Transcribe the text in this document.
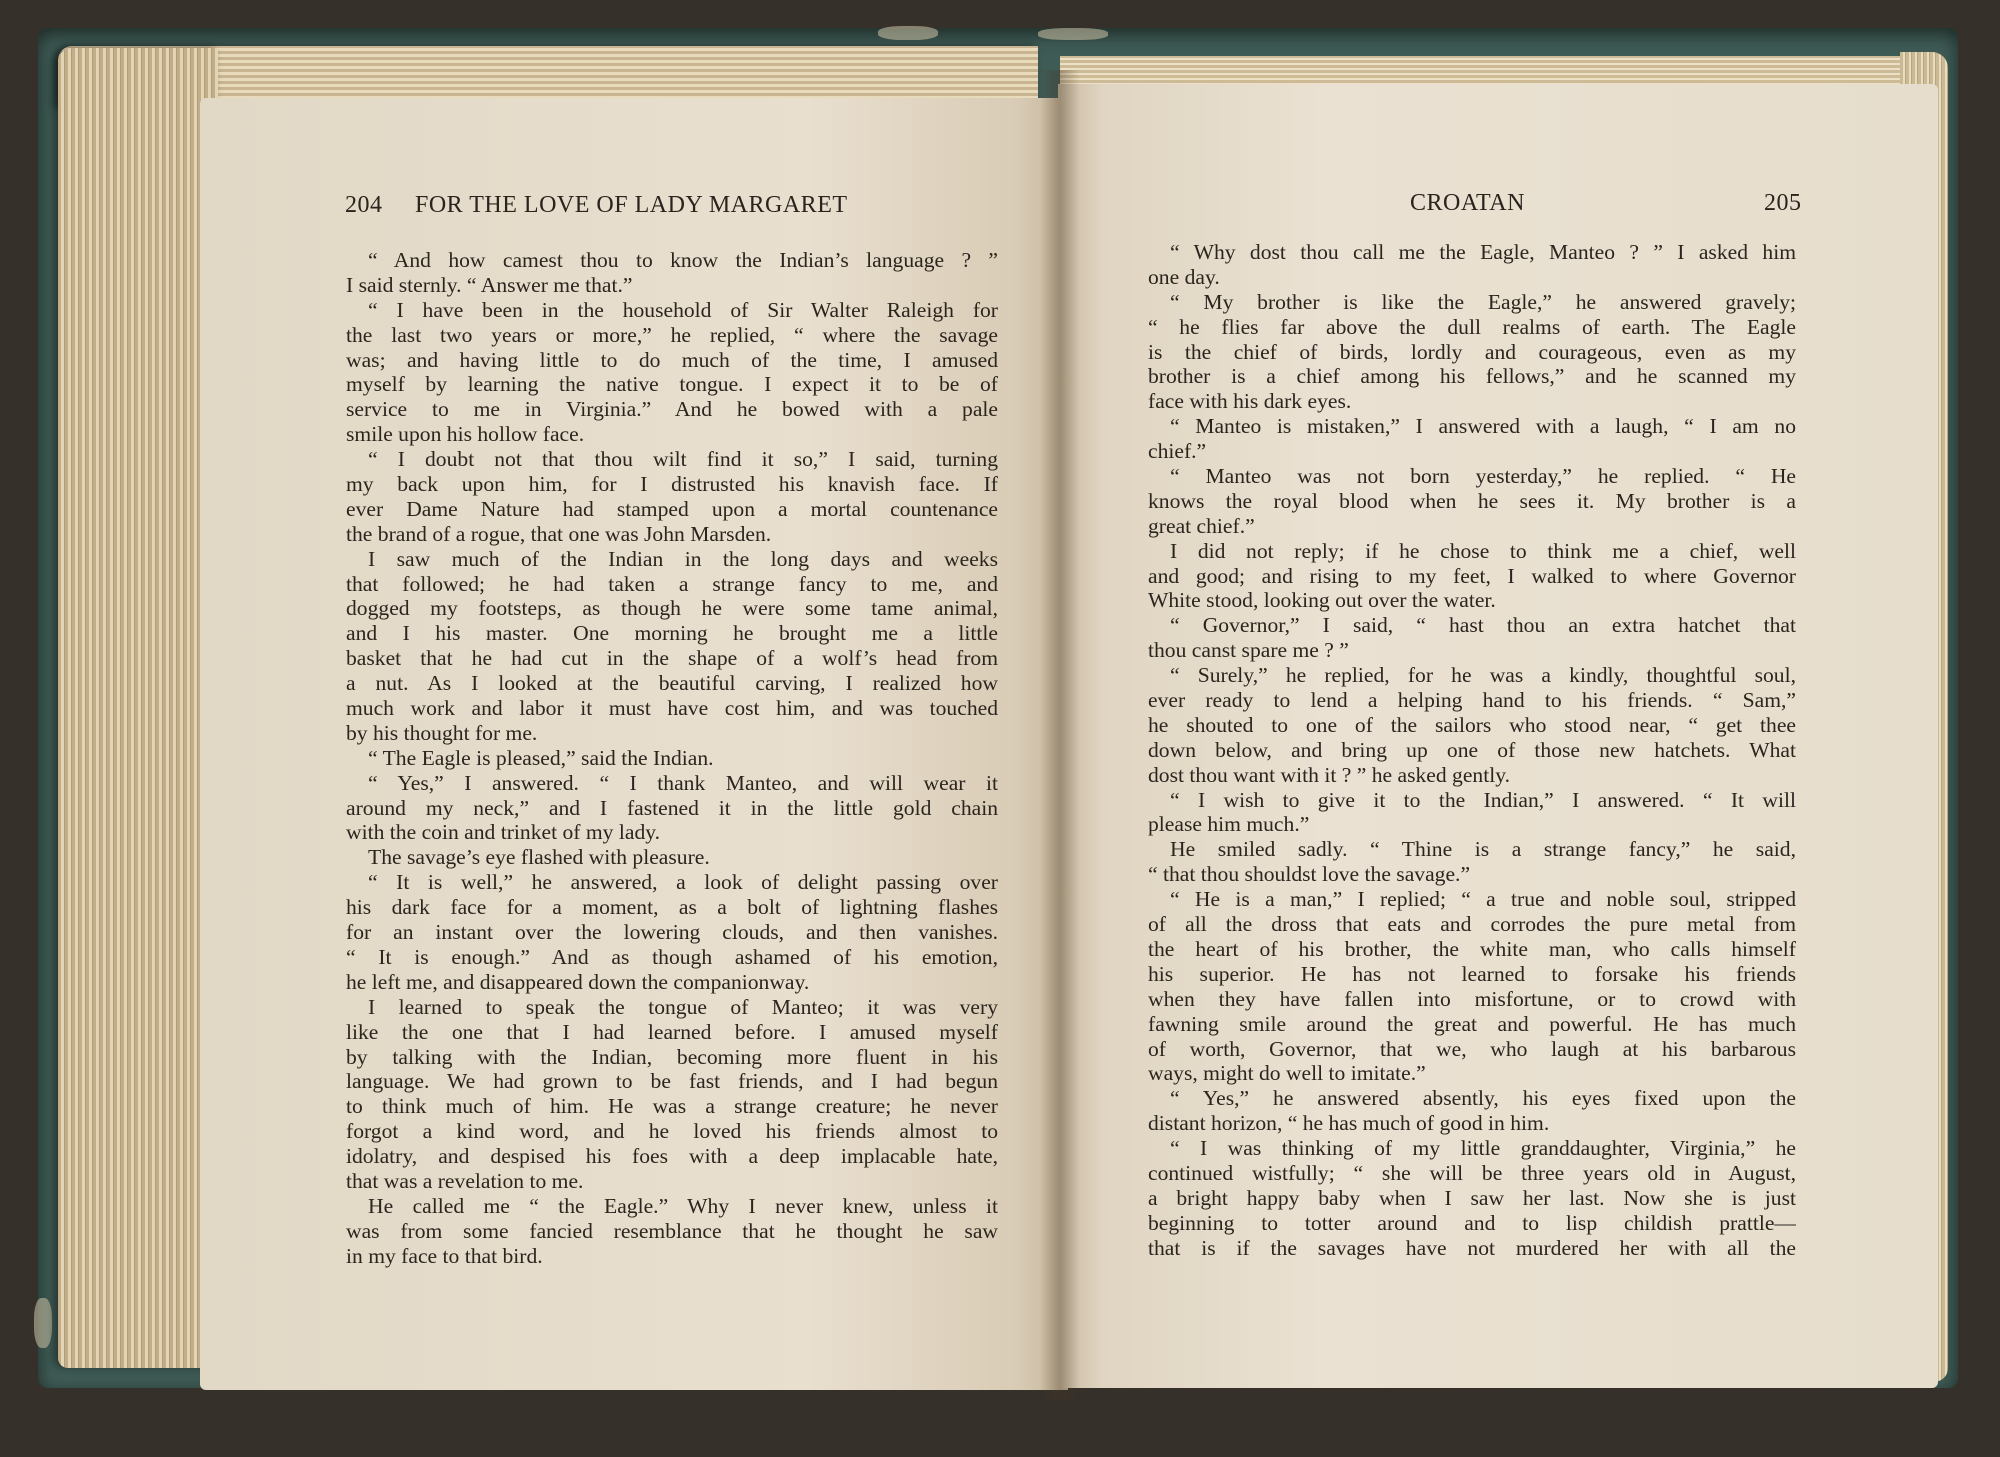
204 FOR THE LOVE OF LADY MARGARET

“ And how camest thou to know the Indian’s language ? ”

I said sternly. “ Answer me that.”

“ I have been in the household of Sir Walter Raleigh for

the last two years or more,” he replied, “ where the savage

was; and having little to do much of the time, I amused

myself by learning the native tongue. I expect it to be of

service to me in Virginia.” And he bowed with a pale

smile upon his hollow face.

“ I doubt not that thou wilt find it so,” I said, turning

my back upon him, for I distrusted his knavish face. If

ever Dame Nature had stamped upon a mortal countenance

the brand of a rogue, that one was John Marsden.

I saw much of the Indian in the long days and weeks

that followed; he had taken a strange fancy to me, and

dogged my footsteps, as though he were some tame animal,

and I his master. One morning he brought me a little

basket that he had cut in the shape of a wolf’s head from

a nut. As I looked at the beautiful carving, I realized how

much work and labor it must have cost him, and was touched

by his thought for me.

“ The Eagle is pleased,” said the Indian.

“ Yes,” I answered. “ I thank Manteo, and will wear it

around my neck,” and I fastened it in the little gold chain

with the coin and trinket of my lady.

The savage’s eye flashed with pleasure.

“ It is well,” he answered, a look of delight passing over

his dark face for a moment, as a bolt of lightning flashes

for an instant over the lowering clouds, and then vanishes.

“ It is enough.” And as though ashamed of his emotion,

he left me, and disappeared down the companionway.

I learned to speak the tongue of Manteo; it was very

like the one that I had learned before. I amused myself

by talking with the Indian, becoming more fluent in his

language. We had grown to be fast friends, and I had begun

to think much of him. He was a strange creature; he never

forgot a kind word, and he loved his friends almost to

idolatry, and despised his foes with a deep implacable hate,

that was a revelation to me.

He called me “ the Eagle.” Why I never knew, unless it

was from some fancied resemblance that he thought he saw

in my face to that bird.

CROATAN	205

“ Why dost thou call me the Eagle, Manteo ? ” I asked him

one day.

“ My brother is like the Eagle,” he answered gravely;

“ he flies far above the dull realms of earth. The Eagle

is the chief of birds, lordly and courageous, even as my

brother is a chief among his fellows,” and he scanned my

face with his dark eyes.

“ Manteo is mistaken,” I answered with a laugh, “ I am no

chief.”

“ Manteo was not born yesterday,” he replied. “ He

knows the royal blood when he sees it. My brother is a

great chief.”

I did not reply; if he chose to think me a chief, well

and good; and rising to my feet, I walked to where Governor

White stood, looking out over the water.

“ Governor,” I said, “ hast thou an extra hatchet that

thou canst spare me ? ”

“ Surely,” he replied, for he was a kindly, thoughtful soul,

ever ready to lend a helping hand to his friends. “ Sam,”

he shouted to one of the sailors who stood near, “ get thee

down below, and bring up one of those new hatchets. What

dost thou want with it ? ” he asked gently.

“ I wish to give it to the Indian,” I answered. “ It will

please him much.”

He smiled sadly. “ Thine is a strange fancy,” he said,

“ that thou shouldst love the savage.”

“ He is a man,” I replied; “ a true and noble soul, stripped

of all the dross that eats and corrodes the pure metal from

the heart of his brother, the white man, who calls himself

his superior. He has not learned to forsake his friends

when they have fallen into misfortune, or to crowd with

fawning smile around the great and powerful. He has much

of worth, Governor, that we, who laugh at his barbarous

ways, might do well to imitate.”

“ Yes,” he answered absently, his eyes fixed upon the

distant horizon, “ he has much of good in him.

“ I was thinking of my little granddaughter, Virginia,” he

continued wistfully; “ she will be three years old in August,

a bright happy baby when I saw her last. Now she is just

beginning to totter around and to lisp childish prattle—

that is if the savages have not murdered her with all the
